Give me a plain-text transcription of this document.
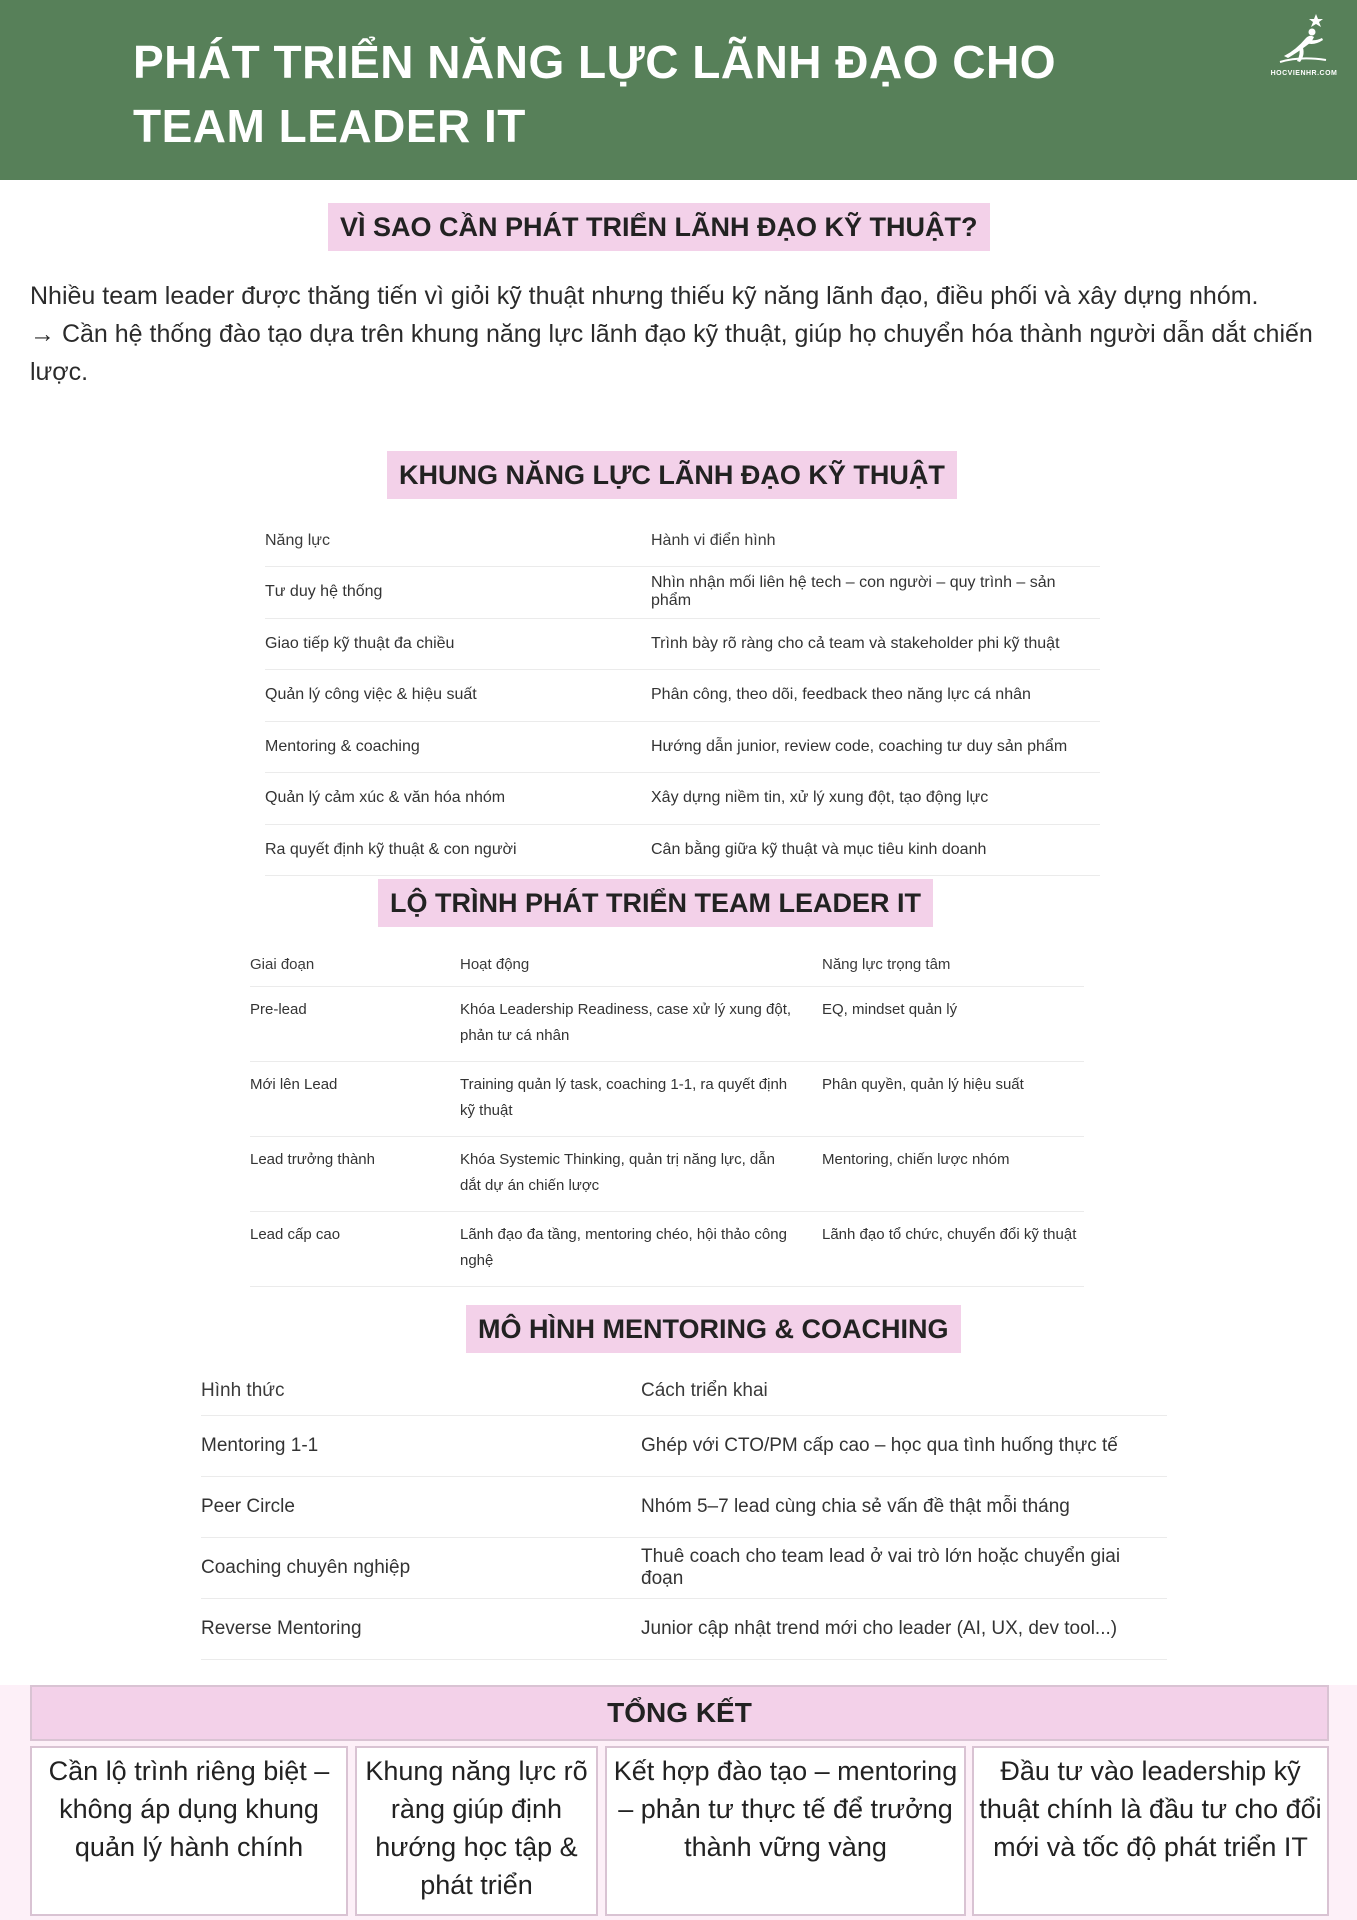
PHÁT TRIỂN NĂNG LỰC LÃNH ĐẠO CHO
TEAM LEADER IT
HOCVIENHR.COM
VÌ SAO CẦN PHÁT TRIỂN LÃNH ĐẠO KỸ THUẬT?

Nhiều team leader được thăng tiến vì giỏi kỹ thuật nhưng thiếu kỹ năng lãnh đạo, điều phối và xây dựng nhóm.

→ Cần hệ thống đào tạo dựa trên khung năng lực lãnh đạo kỹ thuật, giúp họ chuyển hóa thành người dẫn dắt chiến lược.

KHUNG NĂNG LỰC LÃNH ĐẠO KỸ THUẬT
Năng lực	Hành vi điển hình
Tư duy hệ thống	Nhìn nhận mối liên hệ tech – con người – quy trình – sản phẩm
Giao tiếp kỹ thuật đa chiều	Trình bày rõ ràng cho cả team và stakeholder phi kỹ thuật
Quản lý công việc & hiệu suất	Phân công, theo dõi, feedback theo năng lực cá nhân
Mentoring & coaching	Hướng dẫn junior, review code, coaching tư duy sản phẩm
Quản lý cảm xúc & văn hóa nhóm	Xây dựng niềm tin, xử lý xung đột, tạo động lực
Ra quyết định kỹ thuật & con người	Cân bằng giữa kỹ thuật và mục tiêu kinh doanh
LỘ TRÌNH PHÁT TRIỂN TEAM LEADER IT
Giai đoạn	Hoạt động	Năng lực trọng tâm
Pre-lead	Khóa Leadership Readiness, case xử lý xung đột, phản tư cá nhân	EQ, mindset quản lý
Mới lên Lead	Training quản lý task, coaching 1-1, ra quyết định kỹ thuật	Phân quyền, quản lý hiệu suất
Lead trưởng thành	Khóa Systemic Thinking, quản trị năng lực, dẫn dắt dự án chiến lược	Mentoring, chiến lược nhóm
Lead cấp cao	Lãnh đạo đa tầng, mentoring chéo, hội thảo công nghệ	Lãnh đạo tổ chức, chuyển đổi kỹ thuật
MÔ HÌNH MENTORING & COACHING
Hình thức	Cách triển khai
Mentoring 1-1	Ghép với CTO/PM cấp cao – học qua tình huống thực tế
Peer Circle	Nhóm 5–7 lead cùng chia sẻ vấn đề thật mỗi tháng
Coaching chuyên nghiệp	Thuê coach cho team lead ở vai trò lớn hoặc chuyển giai đoạn
Reverse Mentoring	Junior cập nhật trend mới cho leader (AI, UX, dev tool...)
TỔNG KẾT
Cần lộ trình riêng biệt – không áp dụng khung quản lý hành chính
Khung năng lực rõ ràng giúp định hướng học tập & phát triển
Kết hợp đào tạo – mentoring – phản tư thực tế để trưởng thành vững vàng
Đầu tư vào leadership kỹ thuật chính là đầu tư cho đổi mới và tốc độ phát triển IT
